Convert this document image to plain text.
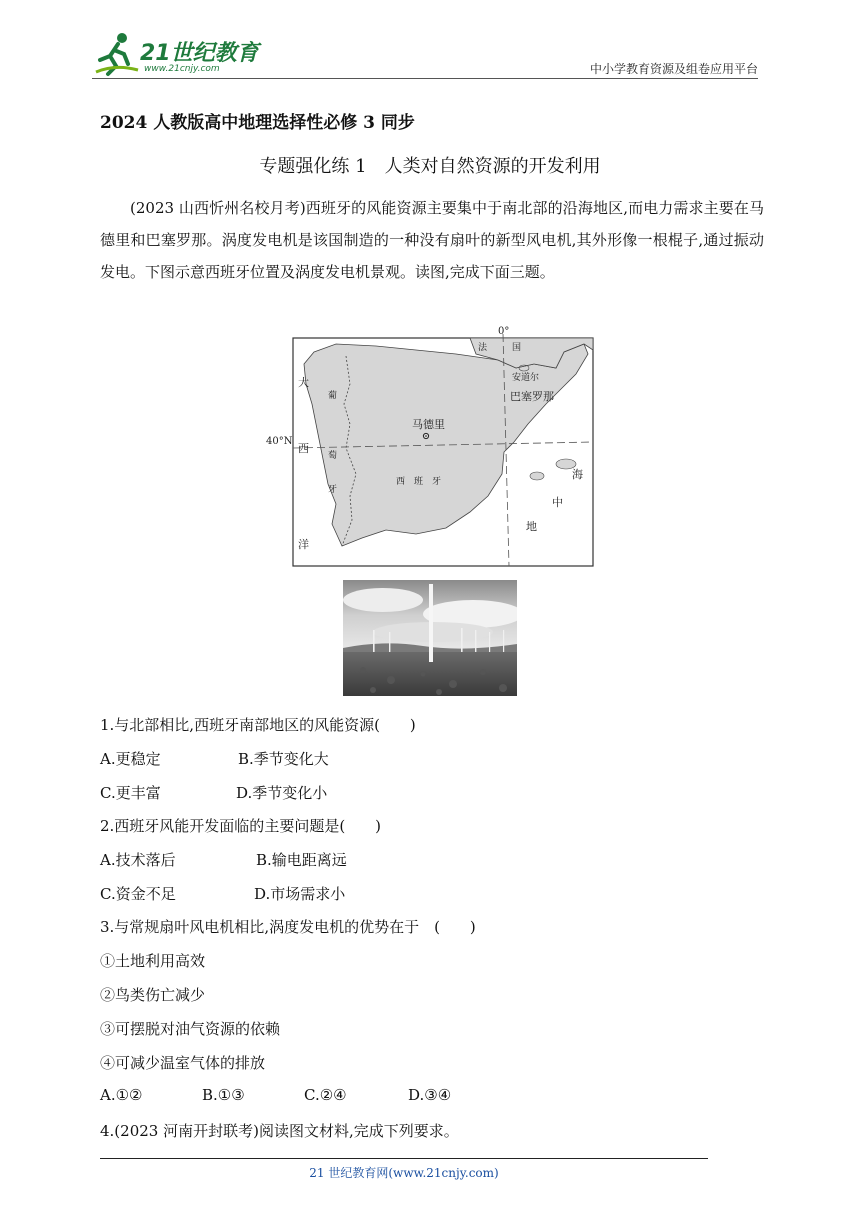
21世纪教育
www.21cnjy.com	中小学教育资源及组卷应用平台
2024 人教版高中地理选择性必修 3 同步
专题强化练 1　人类对自然资源的开发利用
(2023 山西忻州名校月考)西班牙的风能资源主要集中于南北部的沿海地区,而电力需求主要在马德里和巴塞罗那。涡度发电机是该国制造的一种没有扇叶的新型风电机,其外形像一根棍子,通过振动发电。下图示意西班牙位置及涡度发电机景观。读图,完成下面三题。
0°
40°N
法	国
安道尔
巴塞罗那
马德里
葡
萄
牙
西　班　牙
大
西
洋
海
中
地
1.与北部相比,西班牙南部地区的风能资源(　　)
A.更稳定	B.季节变化大
C.更丰富	D.季节变化小
2.西班牙风能开发面临的主要问题是(　　)
A.技术落后	B.输电距离远
C.资金不足	D.市场需求小
3.与常规扇叶风电机相比,涡度发电机的优势在于　(　　)
①土地利用高效
②鸟类伤亡减少
③可摆脱对油气资源的依赖
④可减少温室气体的排放
A.①②	B.①③	C.②④	D.③④
4.(2023 河南开封联考)阅读图文材料,完成下列要求。
21 世纪教育网(www.21cnjy.com)
